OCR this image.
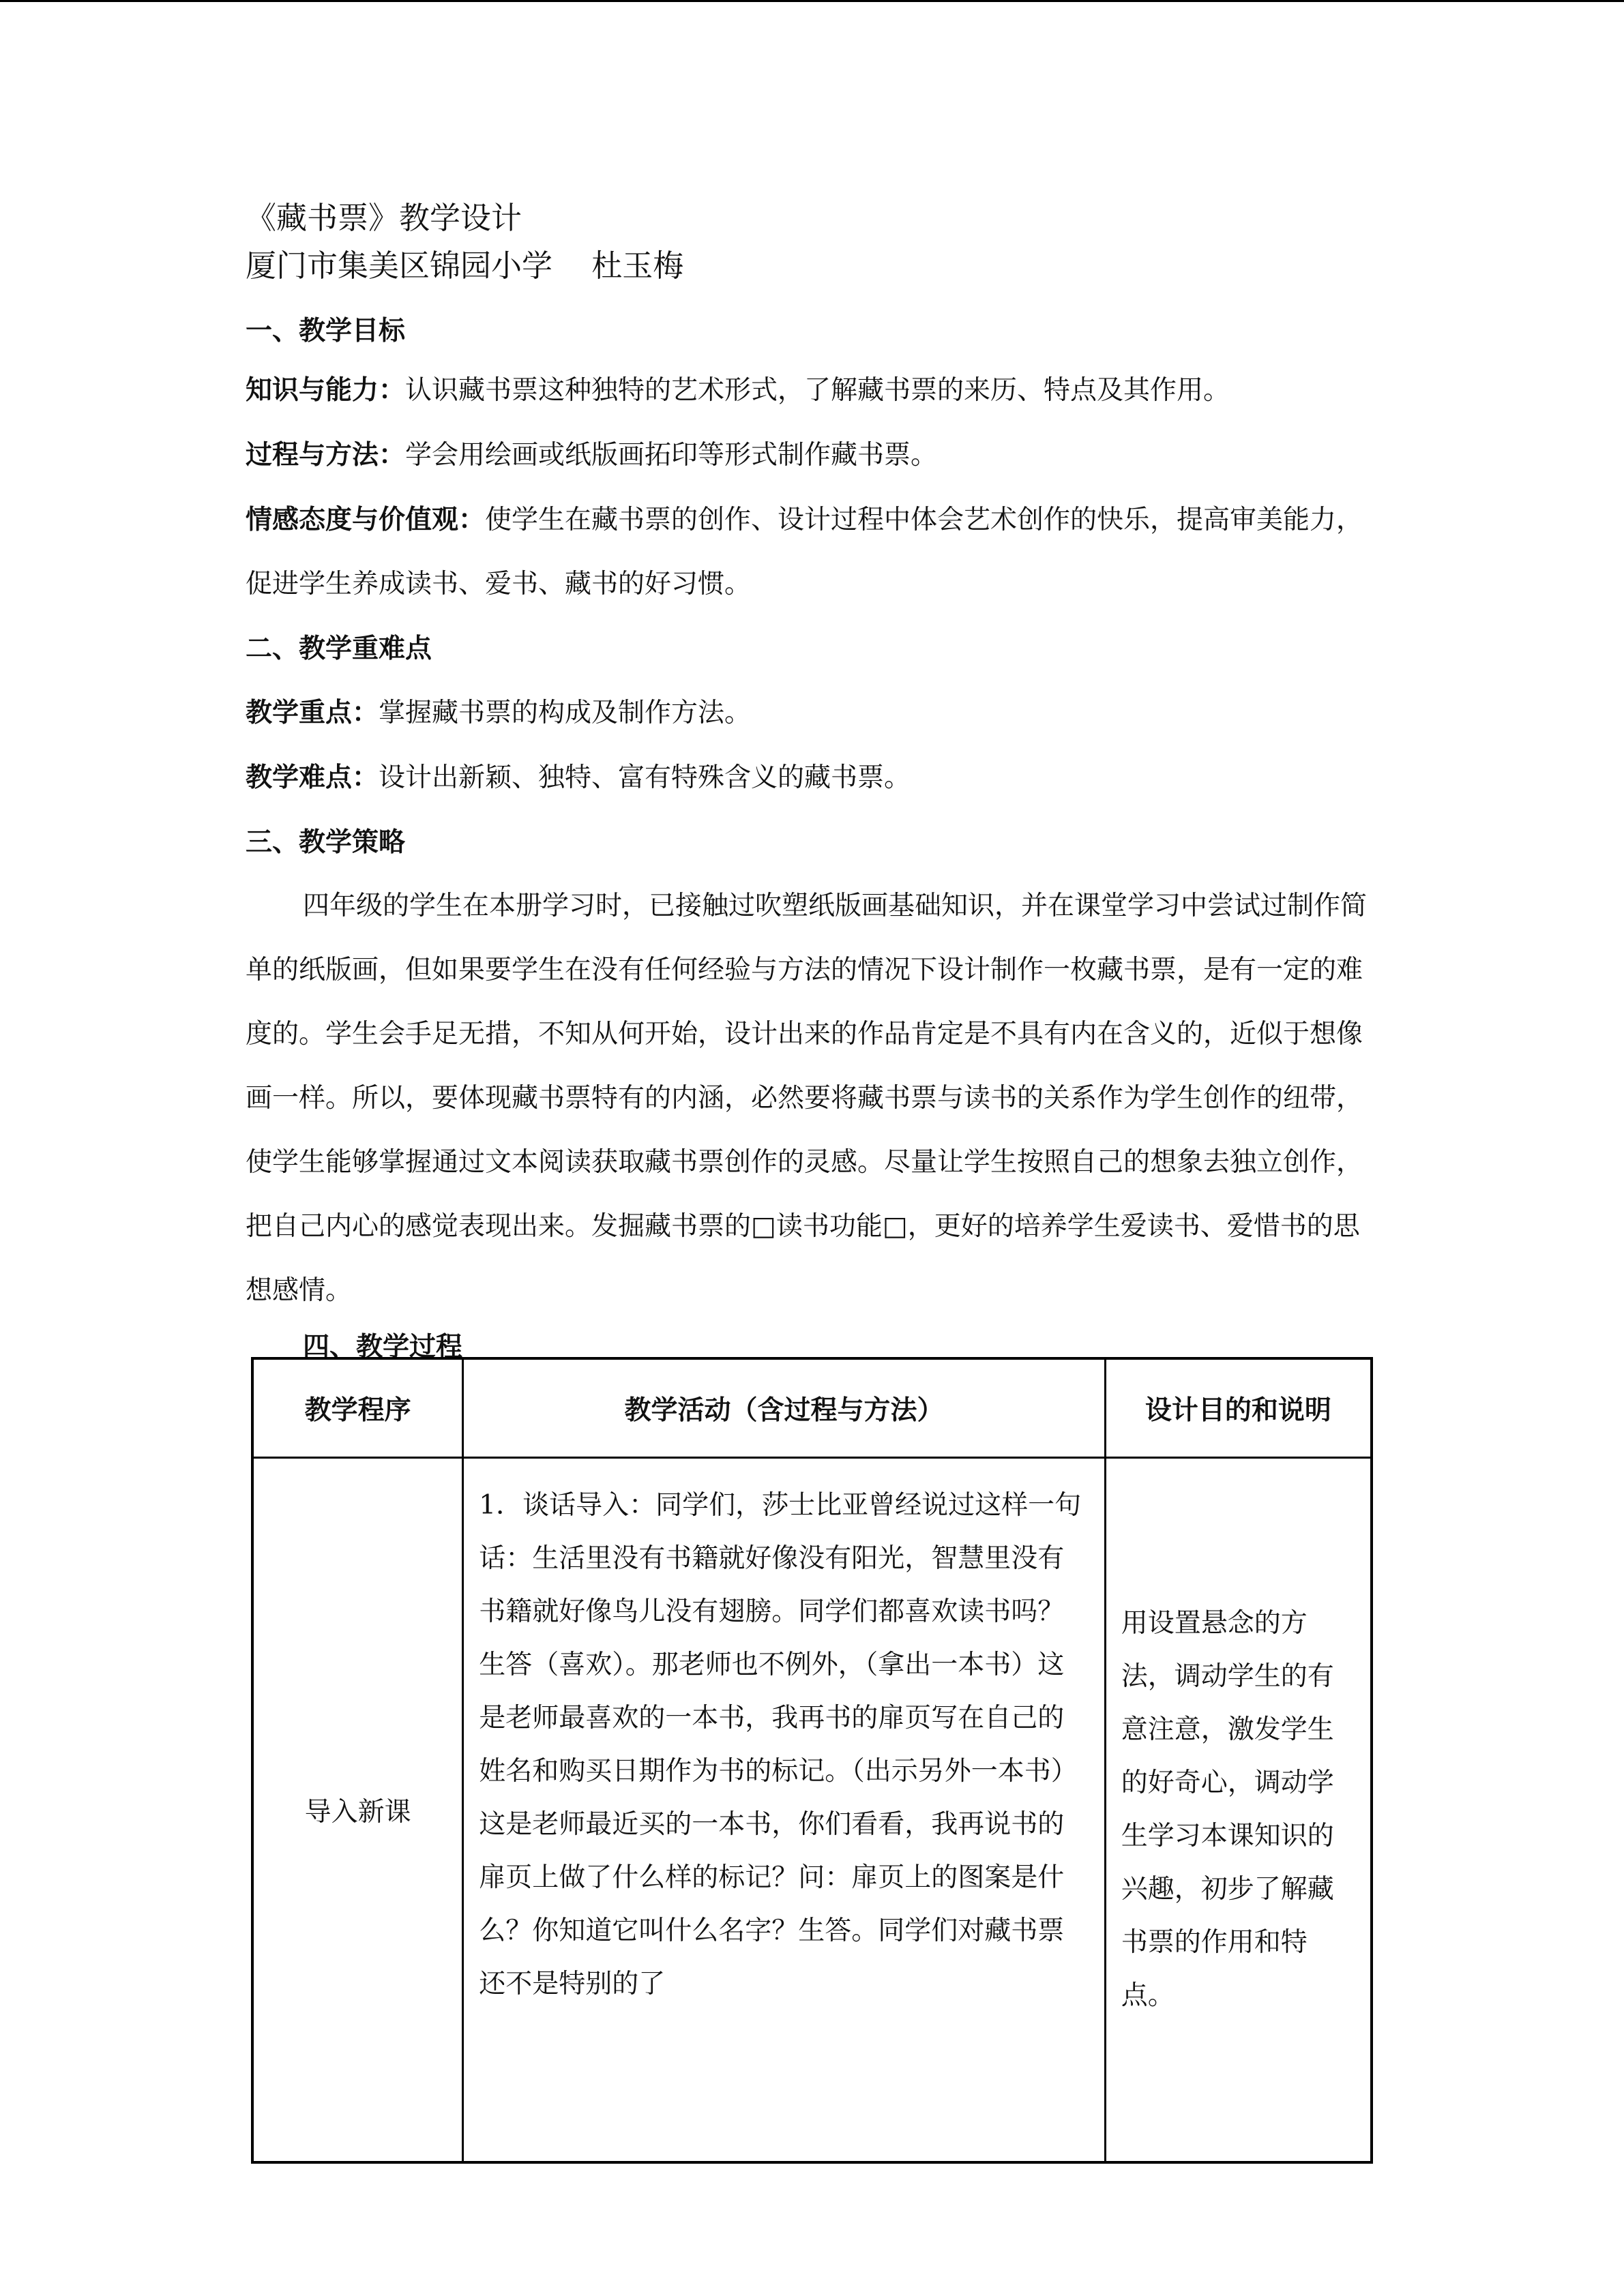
《藏书票》教学设计
厦门市集美区锦园小学    杜玉梅
一、教学目标
知识与能力：认识藏书票这种独特的艺术形式，了解藏书票的来历、特点及其作用。
过程与方法：学会用绘画或纸版画拓印等形式制作藏书票。
情感态度与价值观：使学生在藏书票的创作、设计过程中体会艺术创作的快乐，提高审美能力，促进学生养成读书、爱书、藏书的好习惯。
二、教学重难点
教学重点：掌握藏书票的构成及制作方法。
教学难点：设计出新颖、独特、富有特殊含义的藏书票。
三、教学策略
四年级的学生在本册学习时，已接触过吹塑纸版画基础知识，并在课堂学习中尝试过制作简单的纸版画，但如果要学生在没有任何经验与方法的情况下设计制作一枚藏书票，是有一定的难度的。学生会手足无措，不知从何开始，设计出来的作品肯定是不具有内在含义的，近似于想像画一样。所以，要体现藏书票特有的内涵，必然要将藏书票与读书的关系作为学生创作的纽带，使学生能够掌握通过文本阅读获取藏书票创作的灵感。尽量让学生按照自己的想象去独立创作，把自己内心的感觉表现出来。发掘藏书票的□读书功能□，更好的培养学生爱读书、爱惜书的思想感情。
四、教学过程
教学程序	教学活动（含过程与方法）	设计目的和说明
导入新课	1．谈话导入：同学们，莎士比亚曾经说过这样一句话：生活里没有书籍就好像没有阳光，智慧里没有书籍就好像鸟儿没有翅膀。同学们都喜欢读书吗？生答（喜欢）。那老师也不例外，（拿出一本书）这是老师最喜欢的一本书，我再书的扉页写在自己的姓名和购买日期作为书的标记。（出示另外一本书）这是老师最近买的一本书，你们看看，我再说书的扉页上做了什么样的标记？问：扉页上的图案是什么？你知道它叫什么名字？生答。同学们对藏书票还不是特别的了	用设置悬念的方法，调动学生的有意注意，激发学生的好奇心，调动学生学习本课知识的兴趣，初步了解藏书票的作用和特点。
